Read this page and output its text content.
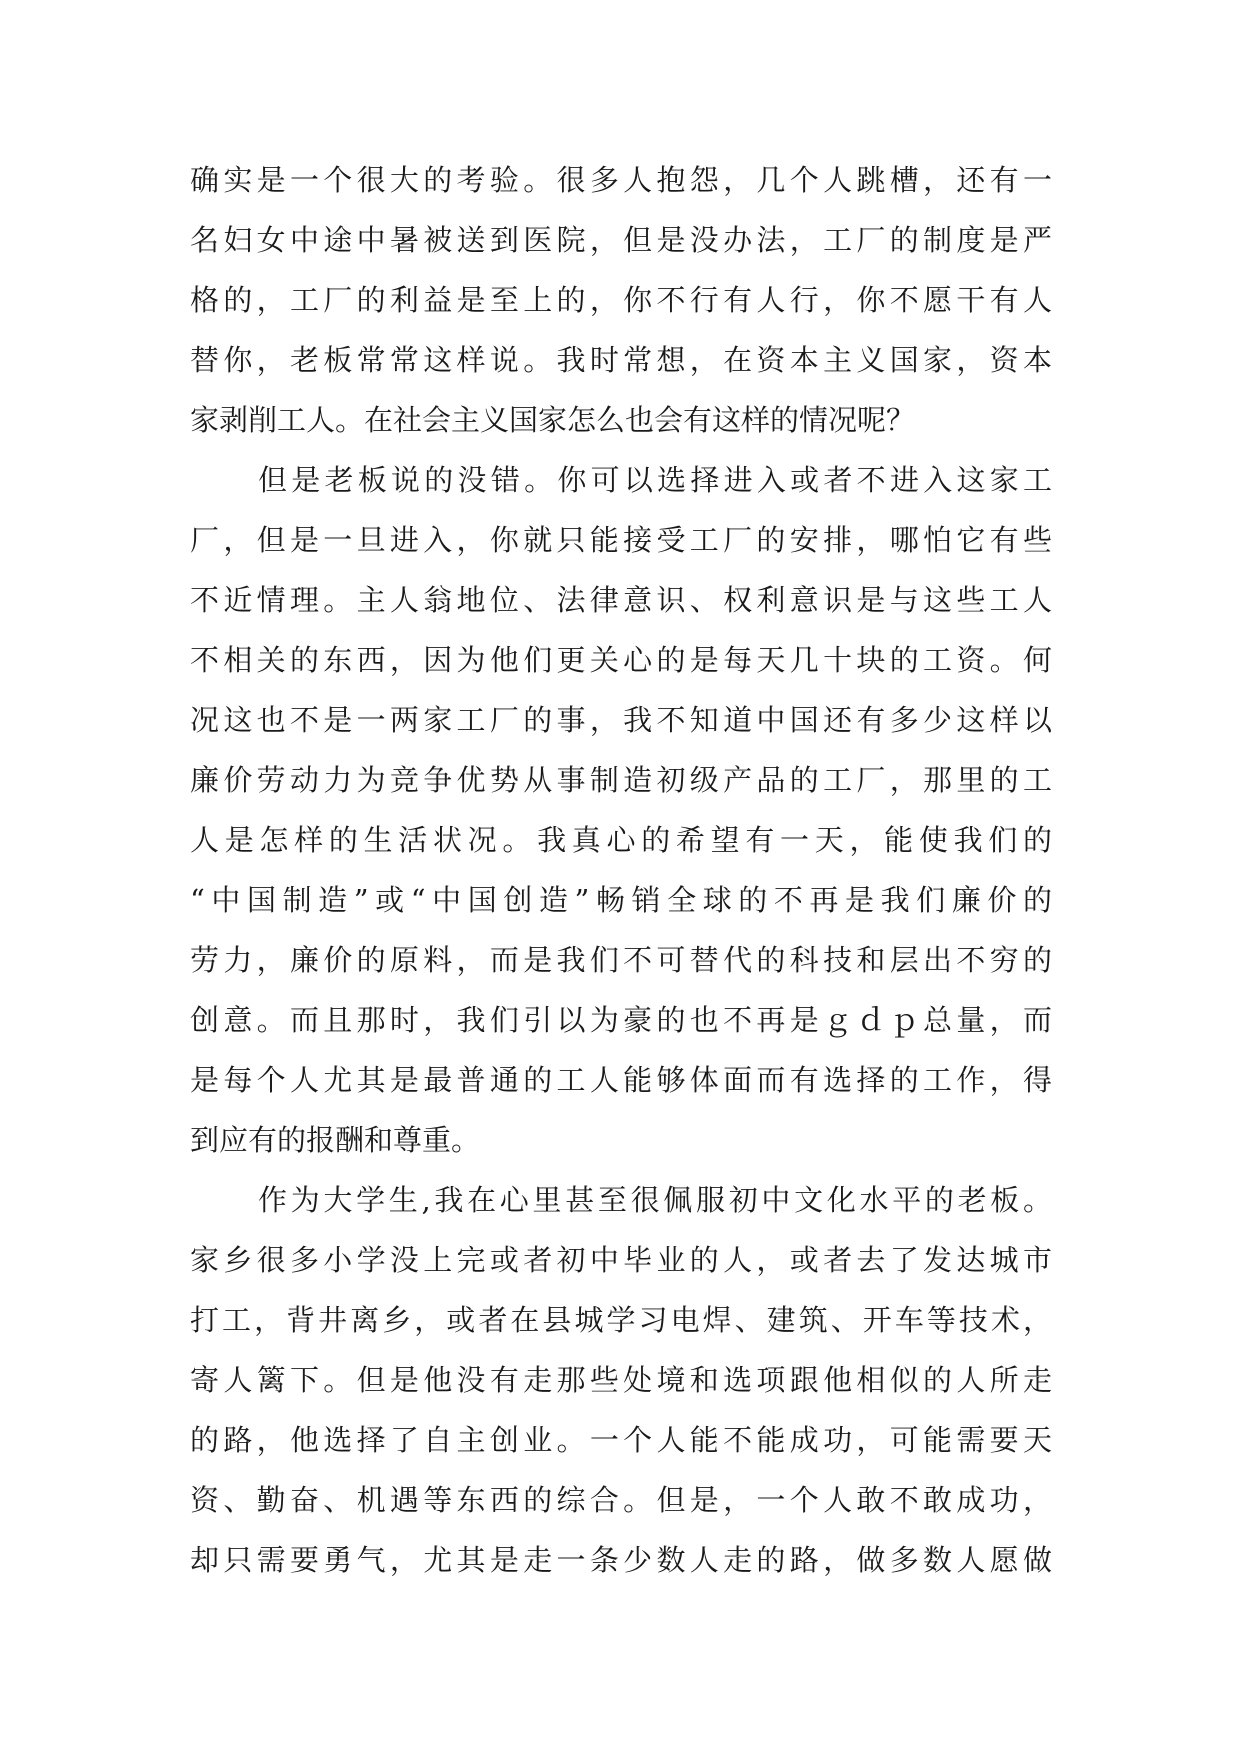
确实是一个很大的考验。很多人抱怨，几个人跳槽，还有一
名妇女中途中暑被送到医院，但是没办法，工厂的制度是严
格的，工厂的利益是至上的，你不行有人行，你不愿干有人
替你，老板常常这样说。我时常想，在资本主义国家，资本
家剥削工人。在社会主义国家怎么也会有这样的情况呢？
但是老板说的没错。你可以选择进入或者不进入这家工
厂，但是一旦进入，你就只能接受工厂的安排，哪怕它有些
不近情理。主人翁地位、法律意识、权利意识是与这些工人
不相关的东西，因为他们更关心的是每天几十块的工资。何
况这也不是一两家工厂的事，我不知道中国还有多少这样以
廉价劳动力为竞争优势从事制造初级产品的工厂，那里的工
人是怎样的生活状况。我真心的希望有一天，能使我们的
“中国制造”或“中国创造”畅销全球的不再是我们廉价的
劳力，廉价的原料，而是我们不可替代的科技和层出不穷的
创意。而且那时，我们引以为豪的也不再是ｇｄｐ总量，而
是每个人尤其是最普通的工人能够体面而有选择的工作，得
到应有的报酬和尊重。
作为大学生,我在心里甚至很佩服初中文化水平的老板。
家乡很多小学没上完或者初中毕业的人，或者去了发达城市
打工，背井离乡，或者在县城学习电焊、建筑、开车等技术，
寄人篱下。但是他没有走那些处境和选项跟他相似的人所走
的路，他选择了自主创业。一个人能不能成功，可能需要天
资、勤奋、机遇等东西的综合。但是，一个人敢不敢成功，
却只需要勇气，尤其是走一条少数人走的路，做多数人愿做
